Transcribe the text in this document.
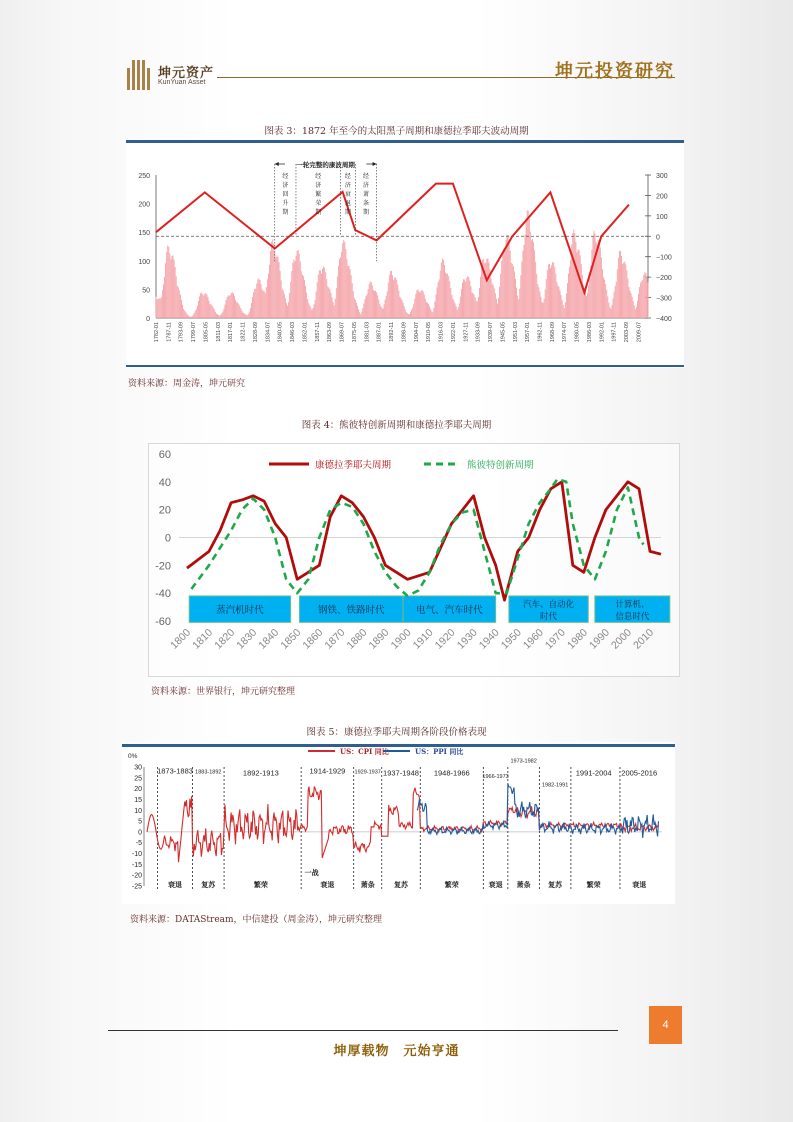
坤元资产
KunYuan Asset
坤元投资研究
图表 3：1872 年至今的太阳黑子周期和康德拉季耶夫波动周期
0
50
100
150
200
250	300
200
100
0
−100
−200
−300
−400
1782-01 1787-11 1793-09 1799-07 1805-05 1811-03 1817-01 1822-11 1828-09 1834-07 1840-05 1846-03 1852-01 1857-11 1863-09 1869-07 1875-05 1881-03 1887-01 1892-11 1898-09 1904-07 1910-05 1916-03 1922-01 1927-11 1933-09 1939-07 1945-05 1951-03 1957-01 1962-11 1968-09 1974-07 1980-05 1986-03 1992-01 1997-11 2003-09 2009-07
一轮完整的康波周期
经济回升期
经济繁荣期
经济衰退期
经济萧条期
资料来源：周金涛，坤元研究
图表 4：熊彼特创新周期和康德拉季耶夫周期
60
40
20
0
-20
-40
-60
蒸汽机时代	钢铁、铁路时代	电气、汽车时代	汽车、自动化时代
计算机、信息时代
1800
1810
1820
1830
1840
1850
1860
1870
1880
1890
1900
1910
1920
1930
1940
1950
1960
1970
1980
1990
2000
2010
康德拉季耶夫周期	熊彼特创新周期
资料来源：世界银行，坤元研究整理
图表 5：康德拉季耶夫周期各阶段价格表现
US：CPI 同比	US：PPI 同比
0%
30
25
20
15
10
5
0
-5
-10
-15
-20
-25
1873-1883 1883-1892	1892-1913	1914-1929 1929-1937 1937-1948 1948-1966 1966-1973
1973-1982
1982-1991
1991-2004 2005-2016
衰退	复苏	繁荣	衰退	萧条	复苏	繁荣	衰退 萧条	复苏	繁荣	衰退
一战
资料来源：DATAStream，中信建投（周金涛），坤元研究整理
4
坤厚载物　元始亨通
